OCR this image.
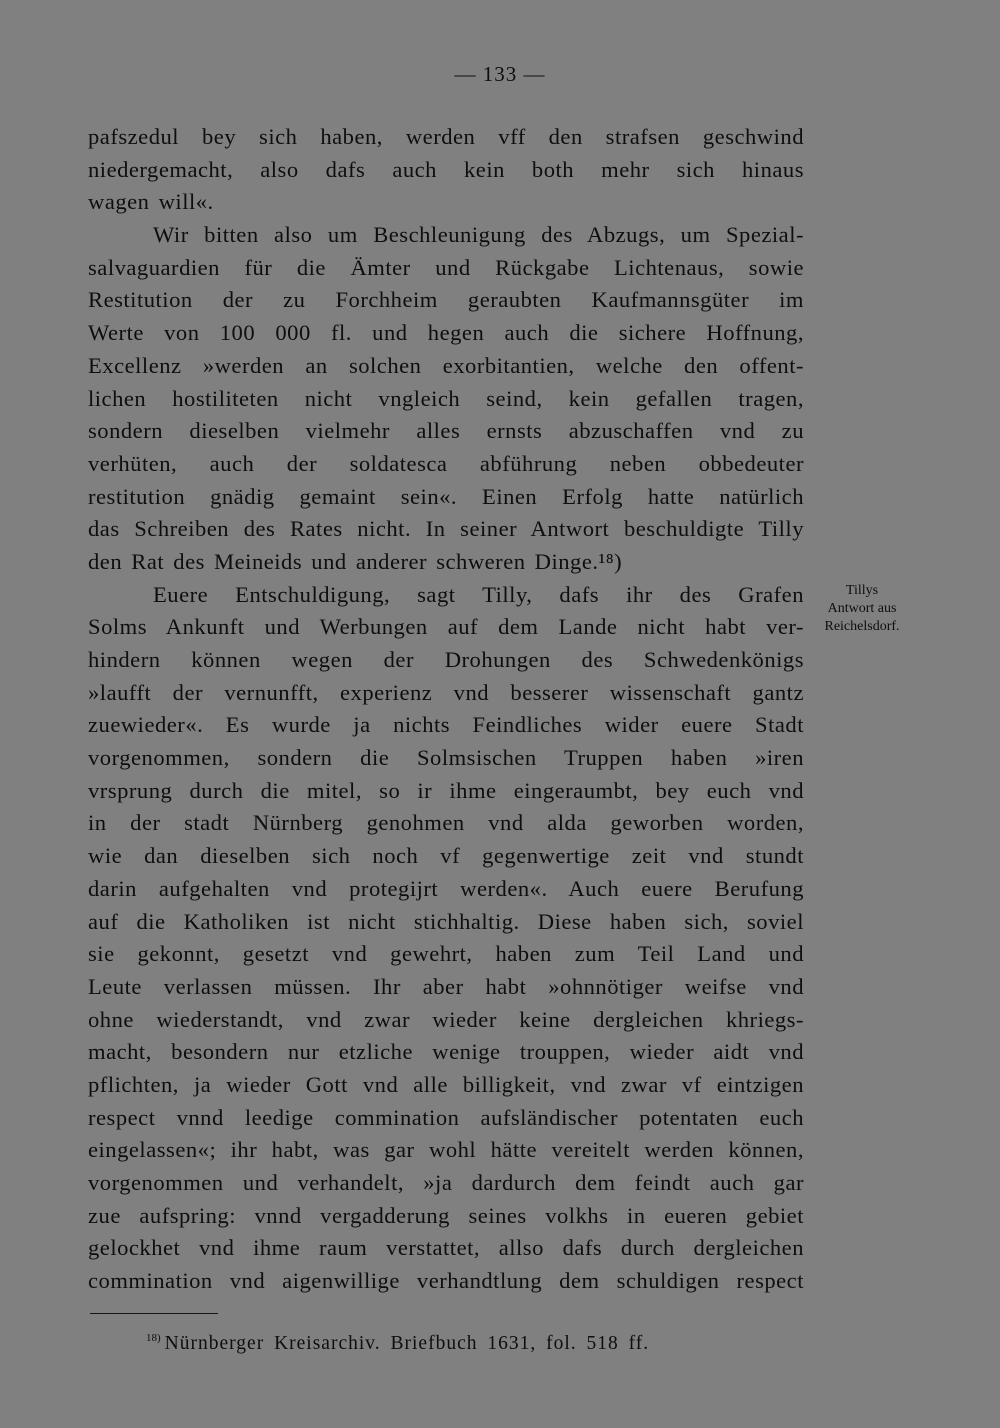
— 133 —
pafszedul bey sich haben, werden vff den strafsen geschwind
niedergemacht, also dafs auch kein both mehr sich hinaus
wagen will«.
Wir bitten also um Beschleunigung des Abzugs, um Spezial-
salvaguardien für die Ämter und Rückgabe Lichtenaus, sowie
Restitution der zu Forchheim geraubten Kaufmannsgüter im
Werte von 100 000 fl. und hegen auch die sichere Hoffnung,
Excellenz »werden an solchen exorbitantien, welche den offent-
lichen hostiliteten nicht vngleich seind, kein gefallen tragen,
sondern dieselben vielmehr alles ernsts abzuschaffen vnd zu
verhüten, auch der soldatesca abführung neben obbedeuter
restitution gnädig gemaint sein«. Einen Erfolg hatte natürlich
das Schreiben des Rates nicht. In seiner Antwort beschuldigte Tilly
den Rat des Meineids und anderer schweren Dinge.¹⁸)
Euere Entschuldigung, sagt Tilly, dafs ihr des Grafen
Solms Ankunft und Werbungen auf dem Lande nicht habt ver-
hindern können wegen der Drohungen des Schwedenkönigs
»laufft der vernunfft, experienz vnd besserer wissenschaft gantz
zuewieder«. Es wurde ja nichts Feindliches wider euere Stadt
vorgenommen, sondern die Solmsischen Truppen haben »iren
vrsprung durch die mitel, so ir ihme eingeraumbt, bey euch vnd
in der stadt Nürnberg genohmen vnd alda geworben worden,
wie dan dieselben sich noch vf gegenwertige zeit vnd stundt
darin aufgehalten vnd protegijrt werden«. Auch euere Berufung
auf die Katholiken ist nicht stichhaltig. Diese haben sich, soviel
sie gekonnt, gesetzt vnd gewehrt, haben zum Teil Land und
Leute verlassen müssen. Ihr aber habt »ohnnötiger weifse vnd
ohne wiederstandt, vnd zwar wieder keine dergleichen khriegs-
macht, besondern nur etzliche wenige trouppen, wieder aidt vnd
pflichten, ja wieder Gott vnd alle billigkeit, vnd zwar vf eintzigen
respect vnnd leedige commination aufsländischer potentaten euch
eingelassen«; ihr habt, was gar wohl hätte vereitelt werden können,
vorgenommen und verhandelt, »ja dardurch dem feindt auch gar
zue aufspring: vnnd vergadderung seines volkhs in eueren gebiet
gelockhet vnd ihme raum verstattet, allso dafs durch dergleichen
commination vnd aigenwillige verhandtlung dem schuldigen respect
Tillys
Antwort aus
Reichelsdorf.
$^{18)}$ Nürnberger Kreisarchiv. Briefbuch 1631, fol. 518 ff.
